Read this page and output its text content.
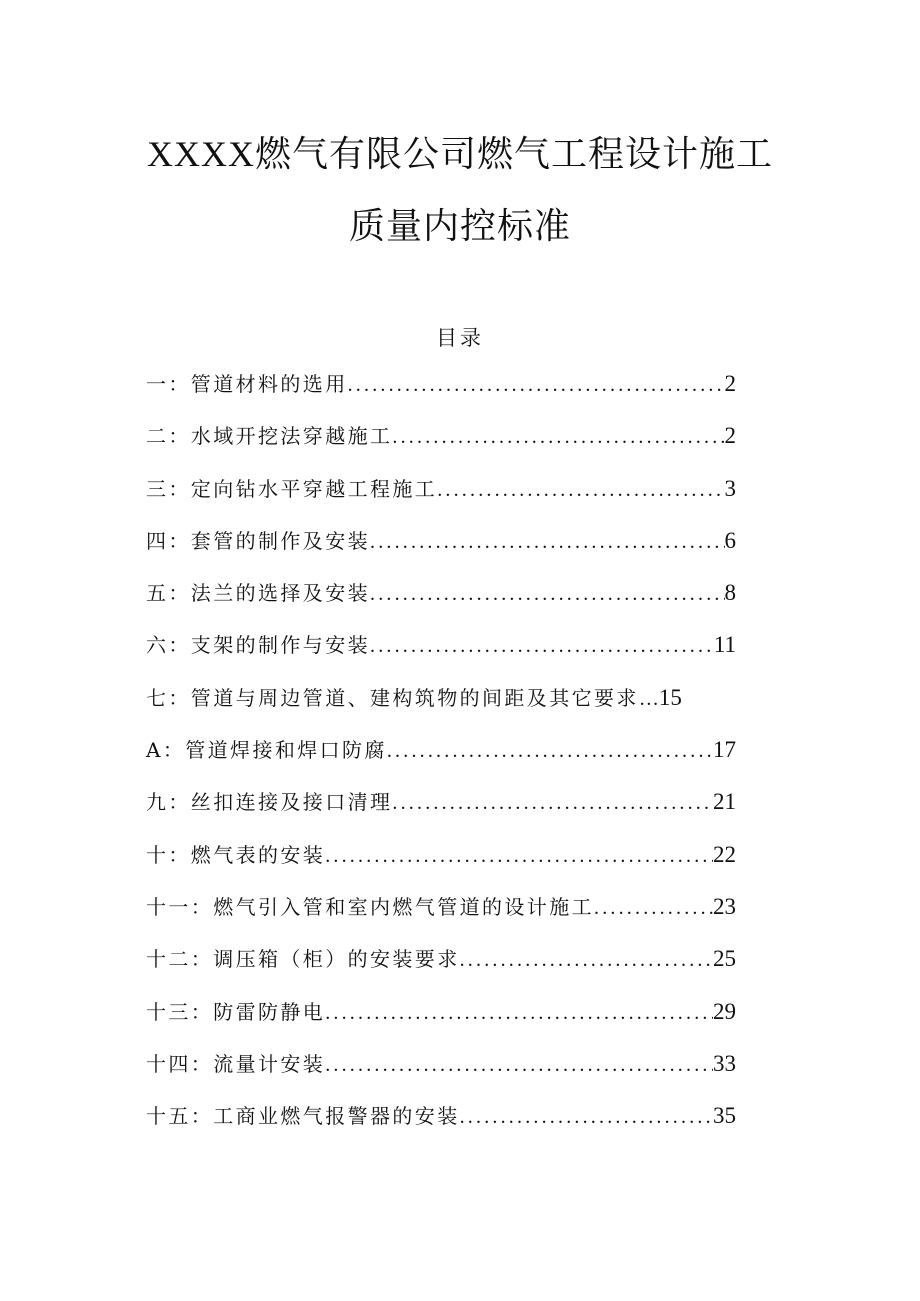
XXXX燃气有限公司燃气工程设计施工
质量内控标准
目录
一：管道材料的选用 .....	2
二：水域开挖法穿越施工 .....	2
三：定向钻水平穿越工程施工 .....	3
四：套管的制作及安装 .....	6
五：法兰的选择及安装 .....	8
六：支架的制作与安装 .....	11
七：管道与周边管道、建构筑物的间距及其它要求 … 15
A：管道焊接和焊口防腐 .....	17
九：丝扣连接及接口清理 .....	21
十：燃气表的安装 .....	22
十一：燃气引入管和室内燃气管道的设计施工 .....	23
十二：调压箱（柜）的安装要求 .....	25
十三：防雷防静电 .....	29
十四：流量计安装 .....	33
十五：工商业燃气报警器的安装 .....	35
